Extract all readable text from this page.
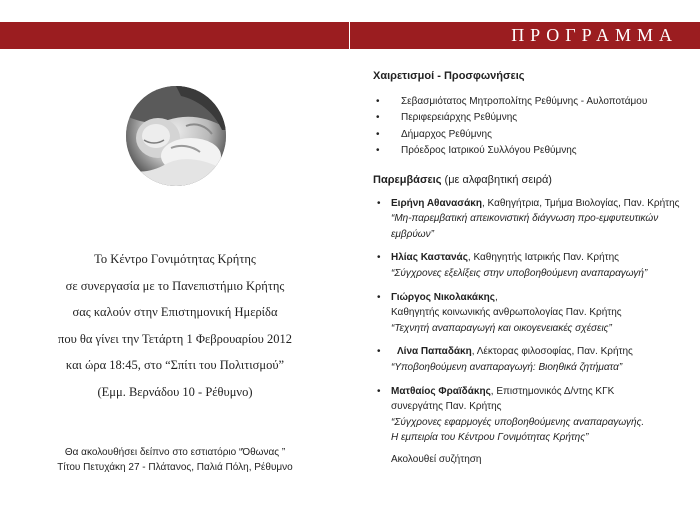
Το Κέντρο Γονιμότητας Κρήτης
σε συνεργασία με το Πανεπιστήμιο Κρήτης
σας καλούν στην Επιστημονική Ημερίδα
που θα γίνει την Τετάρτη 1 Φεβρουαρίου 2012
και ώρα 18:45, στο “Σπίτι του Πολιτισμού”
(Εμμ. Βερνάδου 10 - Ρέθυμνο)
Θα ακολουθήσει δείπνο στο εστιατόριο “Όθωνας ”
Τίτου Πετυχάκη 27 - Πλάτανος, Παλιά Πόλη, Ρέθυμνο
ΠΡΟΓΡΑΜΜΑ
Χαιρετισμοί - Προσφωνήσεις
• Σεβασμιότατος Μητροπολίτης Ρεθύμνης - Αυλοποτάμου
• Περιφερειάρχης Ρεθύμνης
• Δήμαρχος Ρεθύμνης
• Πρόεδρος Ιατρικού Συλλόγου Ρεθύμνης
Παρεμβάσεις (με αλφαβητική σειρά)
• Ειρήνη Αθανασάκη, Καθηγήτρια, Τμήμα Βιολογίας, Παν. Κρήτης
“Μη-παρεμβατική απεικονιστική διάγνωση προ-εμφυτευτικών εμβρύων”
• Ηλίας Καστανάς, Καθηγητής Ιατρικής Παν. Κρήτης
“Σύγχρονες εξελίξεις στην υποβοηθούμενη αναπαραγωγή”
• Γιώργος Νικολακάκης,
Καθηγητής κοινωνικής ανθρωπολογίας Παν. Κρήτης
“Τεχνητή αναπαραγωγή και οικογενειακές σχέσεις”
• Λίνα Παπαδάκη, Λέκτορας φιλοσοφίας, Παν. Κρήτης
“Υποβοηθούμενη αναπαραγωγή: Βιοηθικά ζητήματα”
• Ματθαίος Φραϊδάκης, Επιστημονικός Δ/ντης ΚΓΚ
συνεργάτης Παν. Κρήτης
“Σύγχρονες εφαρμογές υποβοηθούμενης αναπαραγωγής.
Η εμπειρία του Κέντρου Γονιμότητας Κρήτης”
Ακολουθεί συζήτηση
